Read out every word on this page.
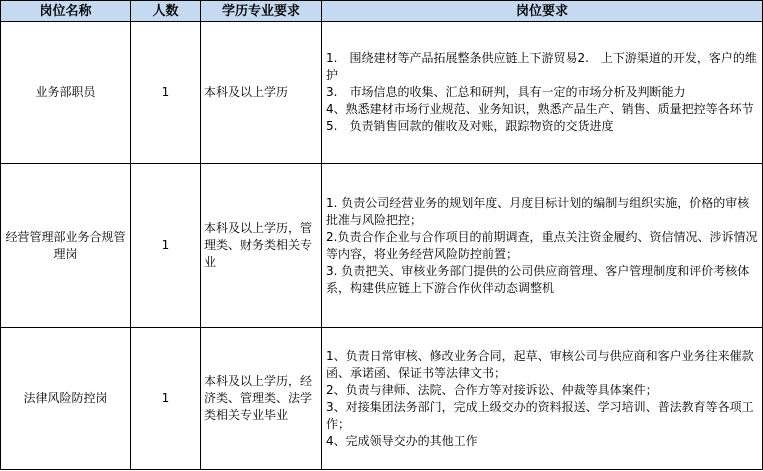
岗位名称	人数	学历专业要求	岗位要求
业务部职员	1	本科及以上学历	1.　围绕建材等产品拓展整条供应链上下游贸易2.　上下游渠道的开发，客户的维护
3.　市场信息的收集、汇总和研判，具有一定的市场分析及判断能力
4、熟悉建材市场行业规范、业务知识，熟悉产品生产、销售、质量把控等各环节
5.　负责销售回款的催收及对账，跟踪物资的交货进度

经营管理部业务合规管理岗	1	本科及以上学历，管理类、财务类相关专业	1. 负责公司经营业务的规划年度、月度目标计划的编制与组织实施，价格的审核批准与风险把控；
2.负责合作企业与合作项目的前期调查，重点关注资金履约、资信情况、涉诉情况等内容，将业务经营风险防控前置；
3. 负责把关、审核业务部门提供的公司供应商管理、客户管理制度和评价考核体系，构建供应链上下游合作伙伴动态调整机

法律风险防控岗	1	本科及以上学历，经济类、管理类、法学类相关专业毕业	1、负责日常审核、修改业务合同，起草、审核公司与供应商和客户业务往来催款函、承诺函、保证书等法律文书；
2、负责与律师、法院、合作方等对接诉讼、仲裁等具体案件；
3、对接集团法务部门，完成上级交办的资料报送、学习培训、普法教育等各项工作；
4、完成领导交办的其他工作
